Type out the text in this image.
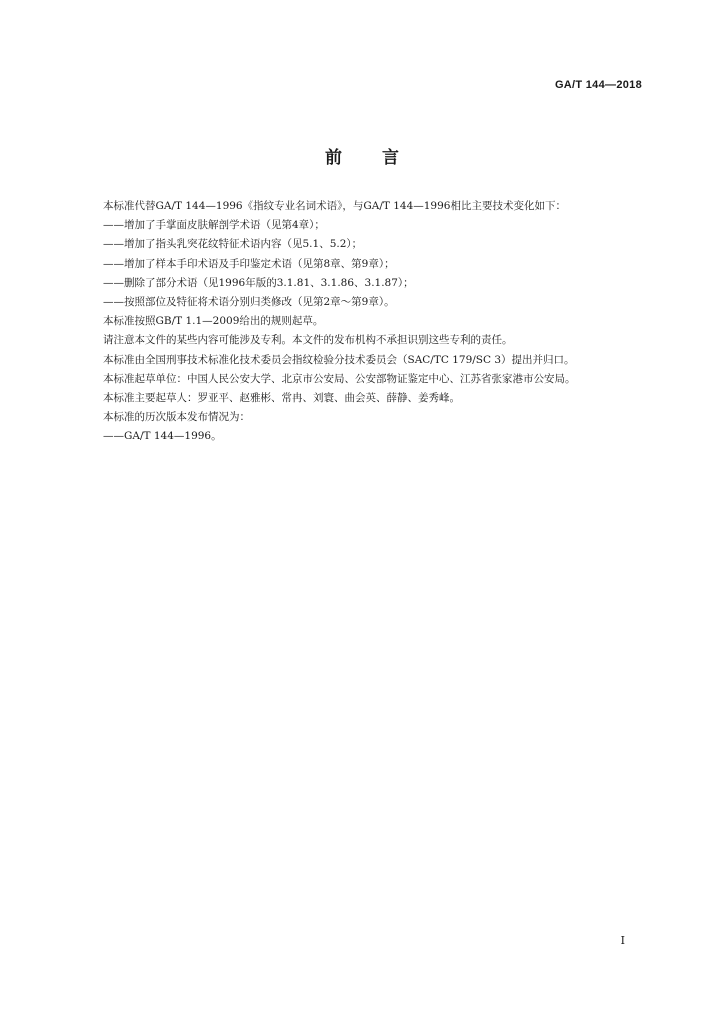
GA/T 144—2018
前言

本标准代替GA/T 144—1996《指纹专业名词术语》，与GA/T 144—1996相比主要技术变化如下：

——增加了手掌面皮肤解剖学术语（见第4章）；

——增加了指头乳突花纹特征术语内容（见5.1、5.2）；

——增加了样本手印术语及手印鉴定术语（见第8章、第9章）；

——删除了部分术语（见1996年版的3.1.81、3.1.86、3.1.87）；

——按照部位及特征将术语分别归类修改（见第2章～第9章）。

本标准按照GB/T 1.1—2009给出的规则起草。

请注意本文件的某些内容可能涉及专利。本文件的发布机构不承担识别这些专利的责任。

本标准由全国刑事技术标准化技术委员会指纹检验分技术委员会（SAC/TC 179/SC 3）提出并归口。

本标准起草单位：中国人民公安大学、北京市公安局、公安部物证鉴定中心、江苏省张家港市公安局。

本标准主要起草人：罗亚平、赵雅彬、常冉、刘寰、曲会英、薛静、姜秀峰。

本标准的历次版本发布情况为：

——GA/T 144—1996。

I
